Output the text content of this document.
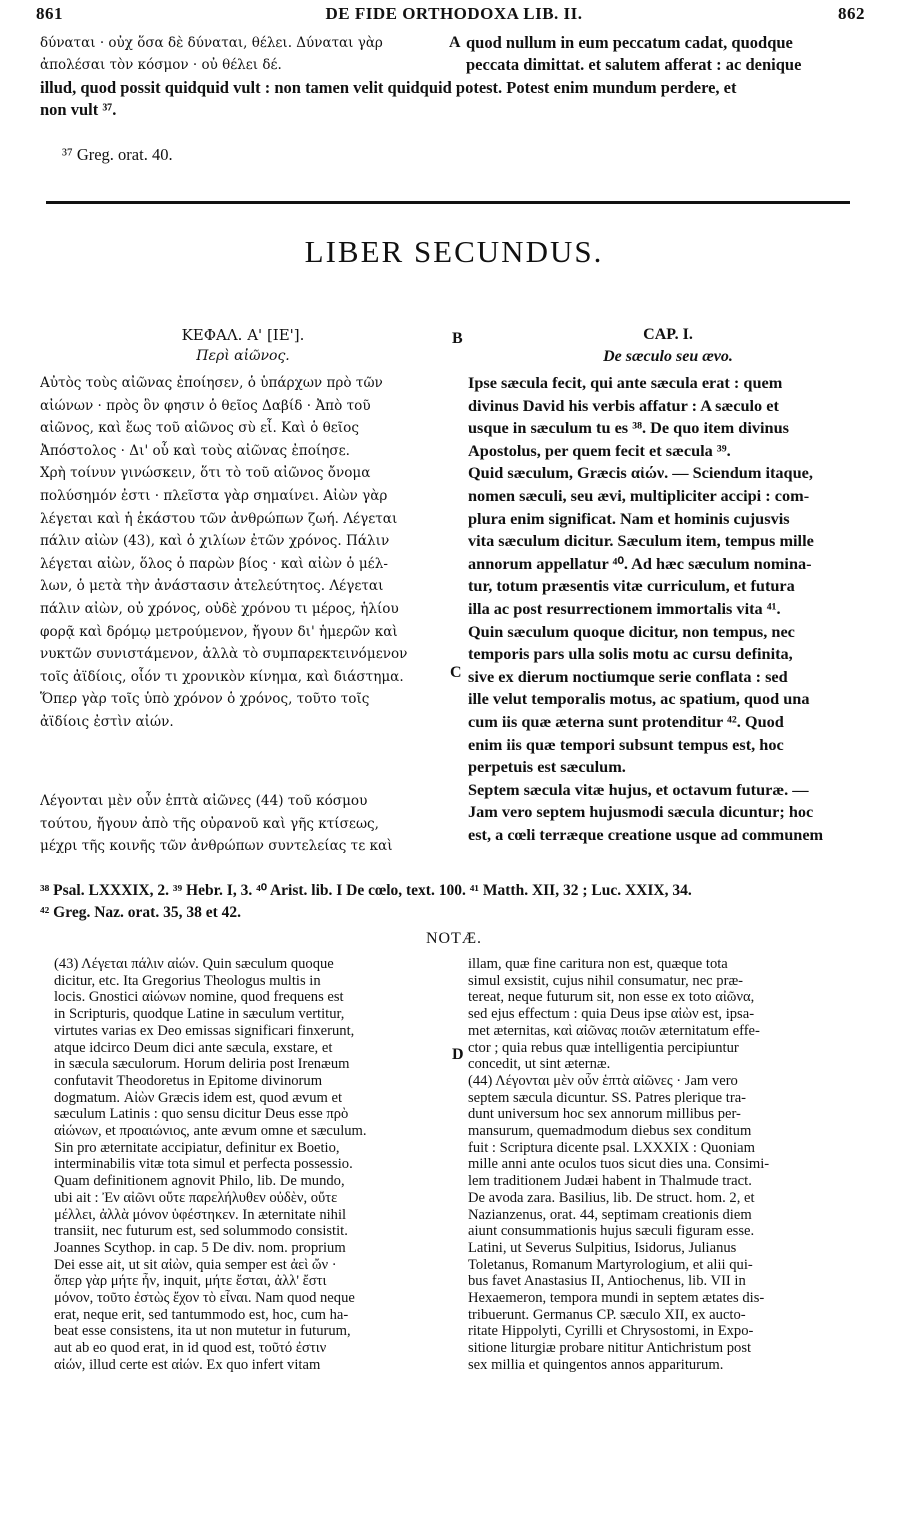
861	DE FIDE ORTHODOXA LIB. II.	862
δύναται · οὐχ ὅσα δὲ δύναται, θέλει. Δύναται γὰρ
ἀπολέσαι τὸν κόσμον · οὐ θέλει δέ.
A quod nullum in eum peccatum cadat, quodque
peccata dimittat. et salutem afferat : ac denique
illud, quod possit quidquid vult : non tamen velit quidquid potest. Potest enim mundum perdere, et
non vult ³⁷.
³⁷ Greg. orat. 40.
LIBER SECUNDUS.
ΚΕΦΑΛ. Α' [ΙΕ'].
Περὶ αἰῶνος.
B	CAP. I.
De sæculo seu ævo.
Αὐτὸς τοὺς αἰῶνας ἐποίησεν, ὁ ὑπάρχων πρὸ τῶν
αἰώνων · πρὸς ὃν φησιν ὁ θεῖος Δαβίδ · Ἀπὸ τοῦ
αἰῶνος, καὶ ἕως τοῦ αἰῶνος σὺ εἶ. Καὶ ὁ θεῖος
Ἀπόστολος · Δι' οὗ καὶ τοὺς αἰῶνας ἐποίησε.
Χρὴ τοίνυν γινώσκειν, ὅτι τὸ τοῦ αἰῶνος ὄνομα
πολύσημόν ἐστι · πλεῖστα γὰρ σημαίνει. Αἰὼν γὰρ
λέγεται καὶ ἡ ἑκάστου τῶν ἀνθρώπων ζωή. Λέγεται
πάλιν αἰὼν (43), καὶ ὁ χιλίων ἐτῶν χρόνος. Πάλιν
λέγεται αἰὼν, ὅλος ὁ παρὼν βίος · καὶ αἰὼν ὁ μέλ-
λων, ὁ μετὰ τὴν ἀνάστασιν ἀτελεύτητος. Λέγεται
πάλιν αἰὼν, οὐ χρόνος, οὐδὲ χρόνου τι μέρος, ἡλίου
φορᾷ καὶ δρόμῳ μετρούμενον, ἤγουν δι' ἡμερῶν καὶ
νυκτῶν συνιστάμενον, ἀλλὰ τὸ συμπαρεκτεινόμενον
τοῖς ἀϊδίοις, οἷόν τι χρονικὸν κίνημα, καὶ διάστημα.
Ὅπερ γὰρ τοῖς ὑπὸ χρόνον ὁ χρόνος, τοῦτο τοῖς
ἀϊδίοις ἐστὶν αἰών.
Λέγονται μὲν οὖν ἑπτὰ αἰῶνες (44) τοῦ κόσμου
τούτου, ἤγουν ἀπὸ τῆς οὐρανοῦ καὶ γῆς κτίσεως,
μέχρι τῆς κοινῆς τῶν ἀνθρώπων συντελείας τε καὶ
C
Ipse sæcula fecit, qui ante sæcula erat : quem
divinus David his verbis affatur : A sæculo et
usque in sæculum tu es ³⁸. De quo item divinus
Apostolus, per quem fecit et sæcula ³⁹.
Quid sæculum, Græcis αἰών. — Sciendum itaque,
nomen sæculi, seu ævi, multipliciter accipi : com-
plura enim significat. Nam et hominis cujusvis
vita sæculum dicitur. Sæculum item, tempus mille
annorum appellatur ⁴⁰. Ad hæc sæculum nomina-
tur, totum præsentis vitæ curriculum, et futura
illa ac post resurrectionem immortalis vita ⁴¹.
Quin sæculum quoque dicitur, non tempus, nec
temporis pars ulla solis motu ac cursu definita,
sive ex dierum noctiumque serie conflata : sed
ille velut temporalis motus, ac spatium, quod una
cum iis quæ æterna sunt protenditur ⁴². Quod
enim iis quæ tempori subsunt tempus est, hoc
perpetuis est sæculum.
Septem sæcula vitæ hujus, et octavum futuræ. —
Jam vero septem hujusmodi sæcula dicuntur; hoc
est, a cœli terræque creatione usque ad communem
³⁸ Psal. LXXXIX, 2. ³⁹ Hebr. I, 3. ⁴⁰ Arist. lib. I De cœlo, text. 100. ⁴¹ Matth. XII, 32 ; Luc. XXIX, 34.
⁴² Greg. Naz. orat. 35, 38 et 42.
NOTÆ.
(43) Λέγεται πάλιν αἰών. Quin sæculum quoque
dicitur, etc. Ita Gregorius Theologus multis in
locis. Gnostici αἰώνων nomine, quod frequens est
in Scripturis, quodque Latine in sæculum vertitur,
virtutes varias ex Deo emissas significari finxerunt,
atque idcirco Deum dici ante sæcula, exstare, et
in sæcula sæculorum. Horum deliria post Irenæum
confutavit Theodoretus in Epitome divinorum
dogmatum. Αἰὼν Græcis idem est, quod ævum et
sæculum Latinis : quo sensu dicitur Deus esse πρὸ
αἰώνων, et προαιώνιος, ante ævum omne et sæculum.
Sin pro æternitate accipiatur, definitur ex Boetio,
interminabilis vitæ tota simul et perfecta possessio.
Quam definitionem agnovit Philo, lib. De mundo,
ubi ait : Ἐν αἰῶνι οὔτε παρελήλυθεν οὐδὲν, οὔτε
μέλλει, ἀλλὰ μόνον ὑφέστηκεν. In æternitate nihil
transiit, nec futurum est, sed solummodo consistit.
Joannes Scythop. in cap. 5 De div. nom. proprium
Dei esse ait, ut sit αἰὼν, quia semper est ἀεὶ ὤν ·
ὅπερ γὰρ μήτε ἦν, inquit, μήτε ἔσται, ἀλλ' ἔστι
μόνον, τοῦτο ἐστὼς ἔχον τὸ εἶναι. Nam quod neque
erat, neque erit, sed tantummodo est, hoc, cum ha-
beat esse consistens, ita ut non mutetur in futurum,
aut ab eo quod erat, in id quod est, τοῦτό ἐστιν
αἰών, illud certe est αἰών. Ex quo infert vitam
D
illam, quæ fine caritura non est, quæque tota
simul exsistit, cujus nihil consumatur, nec præ-
tereat, neque futurum sit, non esse ex toto αἰῶνα,
sed ejus effectum : quia Deus ipse αἰὼν est, ipsa-
met æternitas, καὶ αἰῶνας ποιῶν æternitatum effe-
ctor ; quia rebus quæ intelligentia percipiuntur
concedit, ut sint æternæ.
(44) Λέγονται μὲν οὖν ἑπτὰ αἰῶνες · Jam vero
septem sæcula dicuntur. SS. Patres plerique tra-
dunt universum hoc sex annorum millibus per-
mansurum, quemadmodum diebus sex conditum
fuit : Scriptura dicente psal. LXXXIX : Quoniam
mille anni ante oculos tuos sicut dies una. Consimi-
lem traditionem Judæi habent in Thalmude tract.
De avoda zara. Basilius, lib. De struct. hom. 2, et
Nazianzenus, orat. 44, septimam creationis diem
aiunt consummationis hujus sæculi figuram esse.
Latini, ut Severus Sulpitius, Isidorus, Julianus
Toletanus, Romanum Martyrologium, et alii qui-
bus favet Anastasius II, Antiochenus, lib. VII in
Hexaemeron, tempora mundi in septem ætates dis-
tribuerunt. Germanus CP. sæculo XII, ex aucto-
ritate Hippolyti, Cyrilli et Chrysostomi, in Expo-
sitione liturgiæ probare nititur Antichristum post
sex millia et quingentos annos appariturum.
